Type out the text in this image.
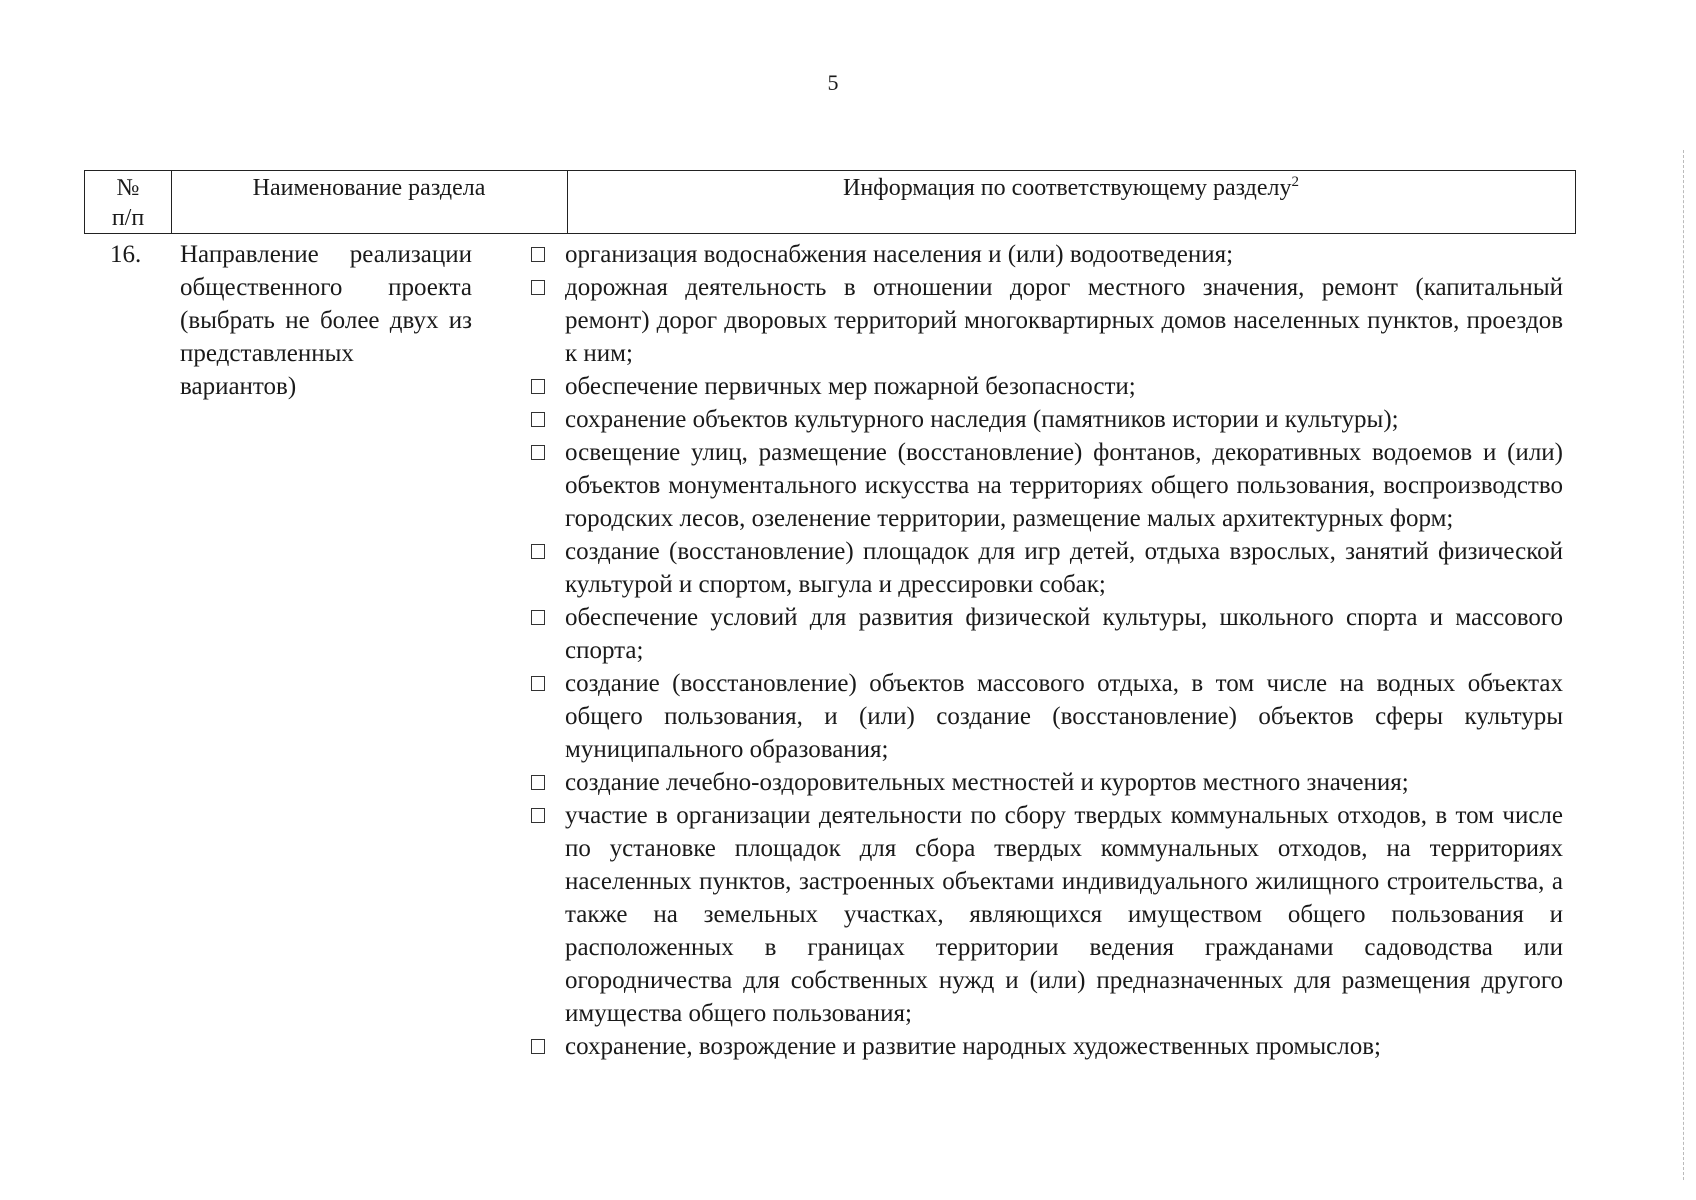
5
№
п/п
Наименование раздела	Информация по соответствующему разделу$^2$
16. Направление реализации общественного проекта (выбрать не более двух из представленных вариантов)
организация водоснабжения населения и (или) водоотведения;
дорожная деятельность в отношении дорог местного значения, ремонт (капитальный ремонт) дорог дворовых территорий многоквартирных домов населенных пунктов, проездов к ним;
обеспечение первичных мер пожарной безопасности;
сохранение объектов культурного наследия (памятников истории и культуры);
освещение улиц, размещение (восстановление) фонтанов, декоративных водоемов и (или) объектов монументального искусства на территориях общего пользования, воспроизводство городских лесов, озеленение территории, размещение малых архитектурных форм;
создание (восстановление) площадок для игр детей, отдыха взрослых, занятий физической культурой и спортом, выгула и дрессировки собак;
обеспечение условий для развития физической культуры, школьного спорта и массового спорта;
создание (восстановление) объектов массового отдыха, в том числе на водных объектах общего пользования, и (или) создание (восстановление) объектов сферы культуры муниципального образования;
создание лечебно-оздоровительных местностей и курортов местного значения;
участие в организации деятельности по сбору твердых коммунальных отходов, в том числе по установке площадок для сбора твердых коммунальных отходов, на территориях населенных пунктов, застроенных объектами индивидуального жилищного строительства, а также на земельных участках, являющихся имуществом общего пользования и расположенных в границах территории ведения гражданами садоводства или огородничества для собственных нужд и (или) предназначенных для размещения другого имущества общего пользования;
сохранение, возрождение и развитие народных художественных промыслов;
